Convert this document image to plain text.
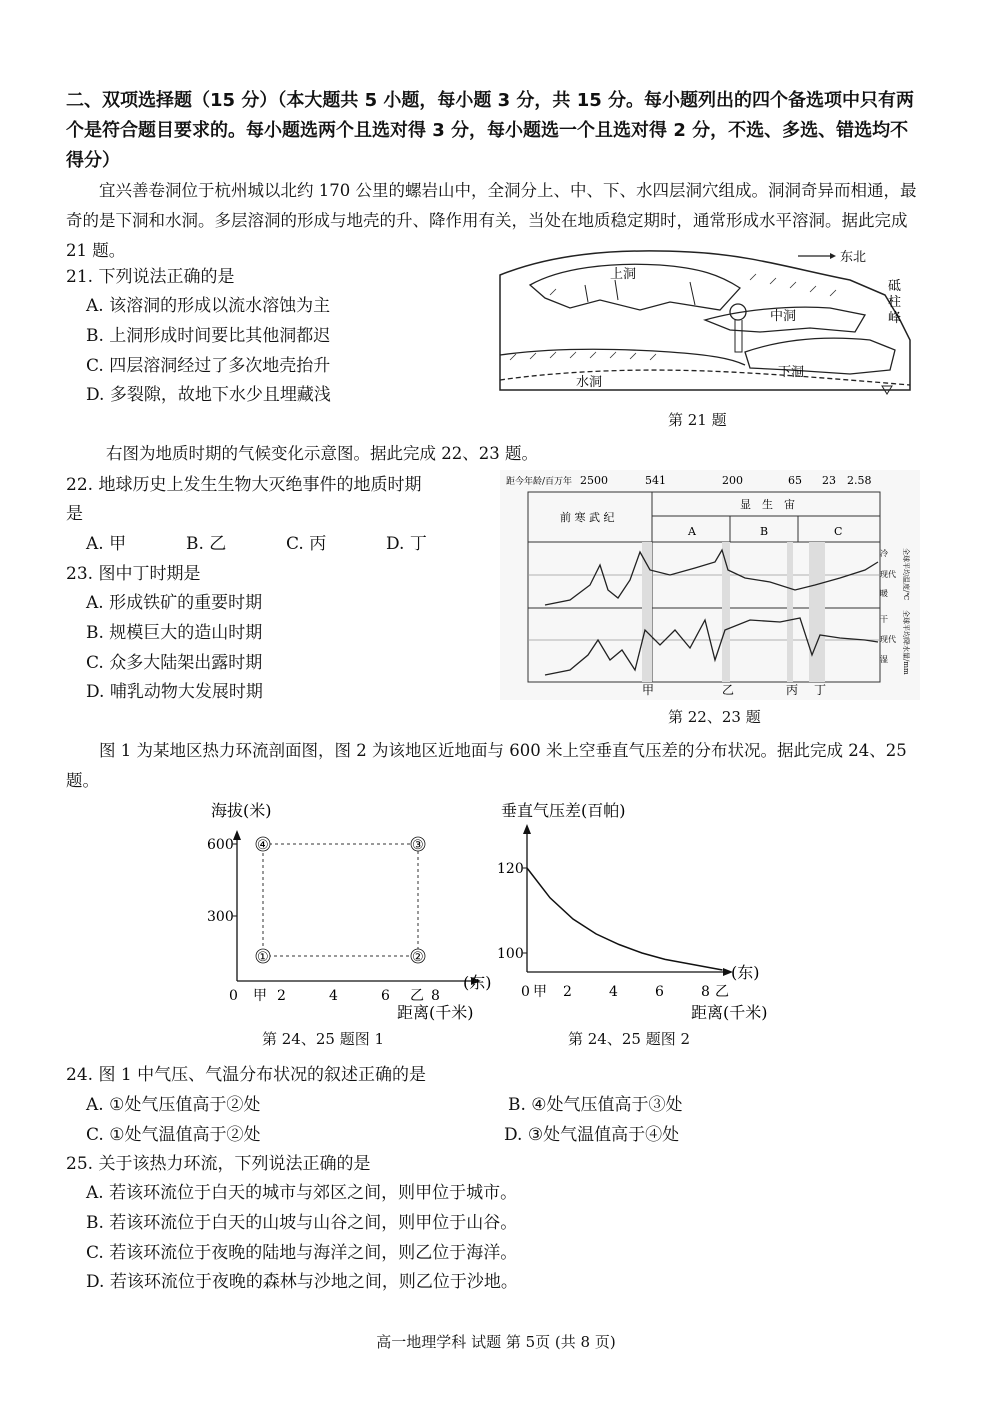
二、双项选择题（15 分）（本大题共 5 小题，每小题 3 分，共 15 分。每小题列出的四个备选项中只有两个是符合题目要求的。每小题选两个且选对得 3 分，每小题选一个且选对得 2 分，不选、多选、错选均不得分）
宜兴善卷洞位于杭州城以北约 170 公里的螺岩山中，全洞分上、中、下、水四层洞穴组成。洞洞奇异而相通，最奇的是下洞和水洞。多层溶洞的形成与地壳的升、降作用有关，当处在地质稳定期时，通常形成水平溶洞。据此完成 21 题。
21. 下列说法正确的是
A. 该溶洞的形成以流水溶蚀为主
B. 上洞形成时间要比其他洞都迟
C. 四层溶洞经过了多次地壳抬升
D. 多裂隙，故地下水少且埋藏浅
东北
上洞
中洞
下洞
水洞
砥
柱
峰
第 21 题
右图为地质时期的气候变化示意图。据此完成 22、23 题。
22. 地球历史上发生生物大灭绝事件的地质时期
是
A. 甲	B. 乙	C. 丙	D. 丁
23. 图中丁时期是
A. 形成铁矿的重要时期
B. 规模巨大的造山时期
C. 众多大陆架出露时期
D. 哺乳动物大发展时期
距今年龄/百万年 2500	541	200	65 23 2.58
前 寒 武 纪
显　生　宙
A	B	C
冷
现代
暖
干
现代
湿
全球平均温度/℃
全球平均降水量/mm
甲	乙	丙 丁
第 22、23 题
图 1 为某地区热力环流剖面图，图 2 为该地区近地面与 600 米上空垂直气压差的分布状况。据此完成 24、25 题。
海拔(米)
600
300
④	③
①	②
0 甲 2	4	6 乙 8
(东)
距离(千米)
第 24、25 题图 1
垂直气压差(百帕)
120
100
0 甲 2	4	6	8 乙
(东)
距离(千米)
第 24、25 题图 2
24. 图 1 中气压、气温分布状况的叙述正确的是
A. ①处气压值高于②处	B. ④处气压值高于③处
C. ①处气温值高于②处	D. ③处气温值高于④处
25. 关于该热力环流，下列说法正确的是
A. 若该环流位于白天的城市与郊区之间，则甲位于城市。
B. 若该环流位于白天的山坡与山谷之间，则甲位于山谷。
C. 若该环流位于夜晚的陆地与海洋之间，则乙位于海洋。
D. 若该环流位于夜晚的森林与沙地之间，则乙位于沙地。
高一地理学科 试题 第 5页 (共 8 页)
